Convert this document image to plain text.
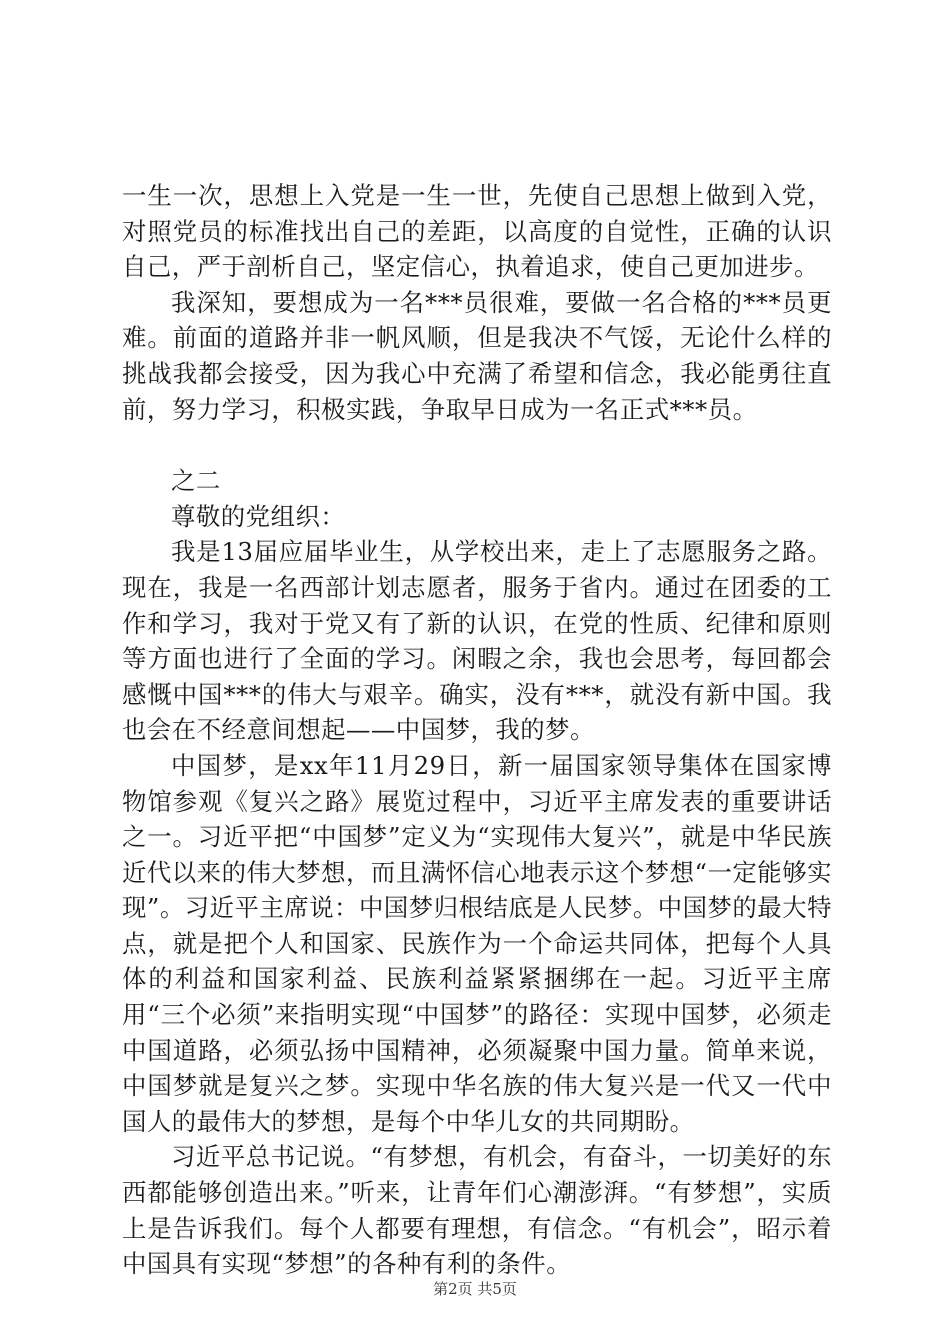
一生一次，思想上入党是一生一世，先使自己思想上做到入党，对照党员的标准找出自己的差距，以高度的自觉性，正确的认识自己，严于剖析自己，坚定信心，执着追求，使自己更加进步。

我深知，要想成为一名***员很难，要做一名合格的***员更难。前面的道路并非一帆风顺，但是我决不气馁，无论什么样的挑战我都会接受，因为我心中充满了希望和信念，我必能勇往直前，努力学习，积极实践，争取早日成为一名正式***员。

之二

尊敬的党组织：

我是13届应届毕业生，从学校出来，走上了志愿服务之路。现在，我是一名西部计划志愿者，服务于省内。通过在团委的工作和学习，我对于党又有了新的认识，在党的性质、纪律和原则等方面也进行了全面的学习。闲暇之余，我也会思考，每回都会感慨中国***的伟大与艰辛。确实，没有***，就没有新中国。我也会在不经意间想起——中国梦，我的梦。

中国梦，是xx年11月29日，新一届国家领导集体在国家博物馆参观《复兴之路》展览过程中，习近平主席发表的重要讲话之一。习近平把“中国梦”定义为“实现伟大复兴”，就是中华民族近代以来的伟大梦想，而且满怀信心地表示这个梦想“一定能够实现”。习近平主席说：中国梦归根结底是人民梦。中国梦的最大特点，就是把个人和国家、民族作为一个命运共同体，把每个人具体的利益和国家利益、民族利益紧紧捆绑在一起。习近平主席用“三个必须”来指明实现“中国梦”的路径：实现中国梦，必须走中国道路，必须弘扬中国精神，必须凝聚中国力量。简单来说，中国梦就是复兴之梦。实现中华名族的伟大复兴是一代又一代中国人的最伟大的梦想，是每个中华儿女的共同期盼。

习近平总书记说。“有梦想，有机会，有奋斗，一切美好的东西都能够创造出来。”听来，让青年们心潮澎湃。“有梦想”，实质上是告诉我们。每个人都要有理想，有信念。“有机会”，昭示着中国具有实现“梦想”的各种有利的条件。

第2页 共5页
